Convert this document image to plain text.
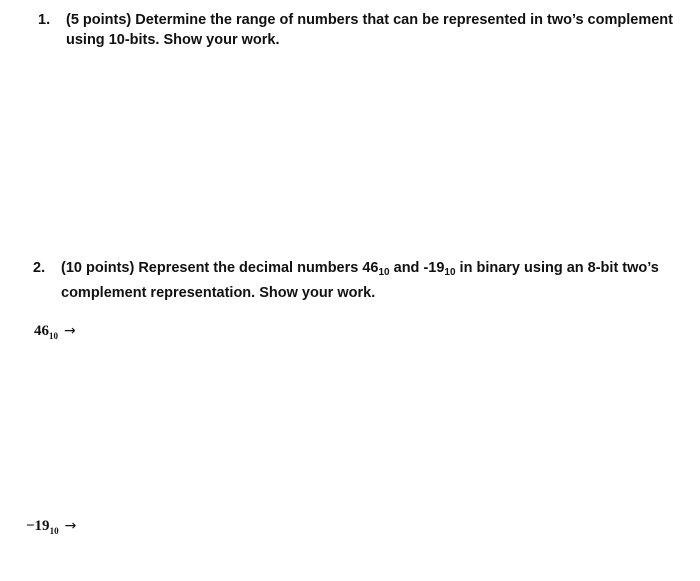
1. (5 points) Determine the range of numbers that can be represented in two’s complement using 10-bits. Show your work.
2. (10 points) Represent the decimal numbers $46_{10}$ and $-19_{10}$ in binary using an 8-bit two’s complement representation. Show your work.
$46_{10}$ →
$-19_{10}$ →
